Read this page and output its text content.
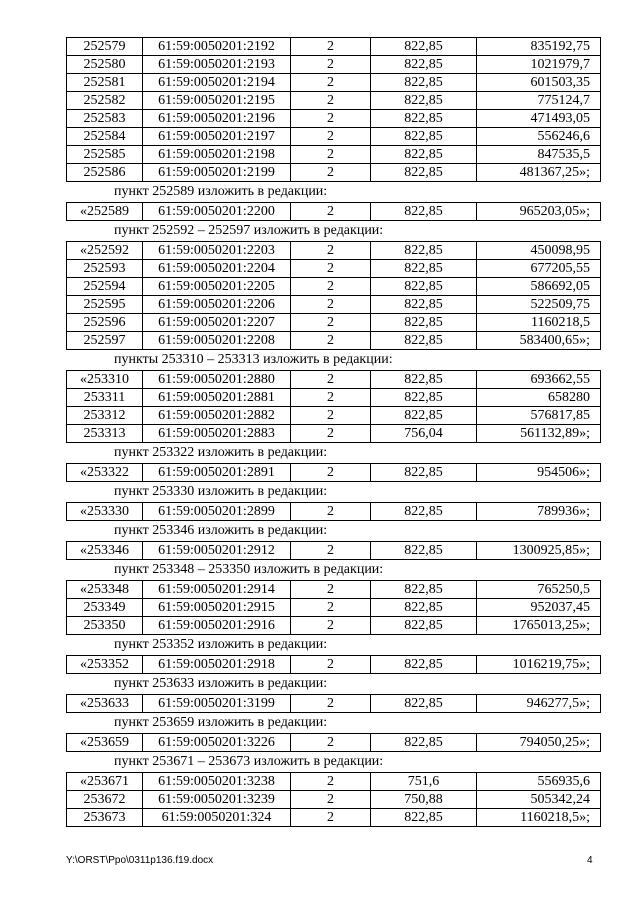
252579	61:59:0050201:2192	2	822,85	835192,75
252580	61:59:0050201:2193	2	822,85	1021979,7
252581	61:59:0050201:2194	2	822,85	601503,35
252582	61:59:0050201:2195	2	822,85	775124,7
252583	61:59:0050201:2196	2	822,85	471493,05
252584	61:59:0050201:2197	2	822,85	556246,6
252585	61:59:0050201:2198	2	822,85	847535,5
252586	61:59:0050201:2199	2	822,85	481367,25»;
пункт 252589 изложить в редакции:
«252589	61:59:0050201:2200	2	822,85	965203,05»;
пункт 252592 – 252597 изложить в редакции:
«252592	61:59:0050201:2203	2	822,85	450098,95
252593	61:59:0050201:2204	2	822,85	677205,55
252594	61:59:0050201:2205	2	822,85	586692,05
252595	61:59:0050201:2206	2	822,85	522509,75
252596	61:59:0050201:2207	2	822,85	1160218,5
252597	61:59:0050201:2208	2	822,85	583400,65»;
пункты 253310 – 253313 изложить в редакции:
«253310	61:59:0050201:2880	2	822,85	693662,55
253311	61:59:0050201:2881	2	822,85	658280
253312	61:59:0050201:2882	2	822,85	576817,85
253313	61:59:0050201:2883	2	756,04	561132,89»;
пункт 253322 изложить в редакции:
«253322	61:59:0050201:2891	2	822,85	954506»;
пункт 253330 изложить в редакции:
«253330	61:59:0050201:2899	2	822,85	789936»;
пункт 253346 изложить в редакции:
«253346	61:59:0050201:2912	2	822,85	1300925,85»;
пункт 253348 – 253350 изложить в редакции:
«253348	61:59:0050201:2914	2	822,85	765250,5
253349	61:59:0050201:2915	2	822,85	952037,45
253350	61:59:0050201:2916	2	822,85	1765013,25»;
пункт 253352 изложить в редакции:
«253352	61:59:0050201:2918	2	822,85	1016219,75»;
пункт 253633 изложить в редакции:
«253633	61:59:0050201:3199	2	822,85	946277,5»;
пункт 253659 изложить в редакции:
«253659	61:59:0050201:3226	2	822,85	794050,25»;
пункт 253671 – 253673 изложить в редакции:
«253671	61:59:0050201:3238	2	751,6	556935,6
253672	61:59:0050201:3239	2	750,88	505342,24
253673	61:59:0050201:324	2	822,85	1160218,5»;
Y:\ORST\Ppo\0311p136.f19.docx	4
